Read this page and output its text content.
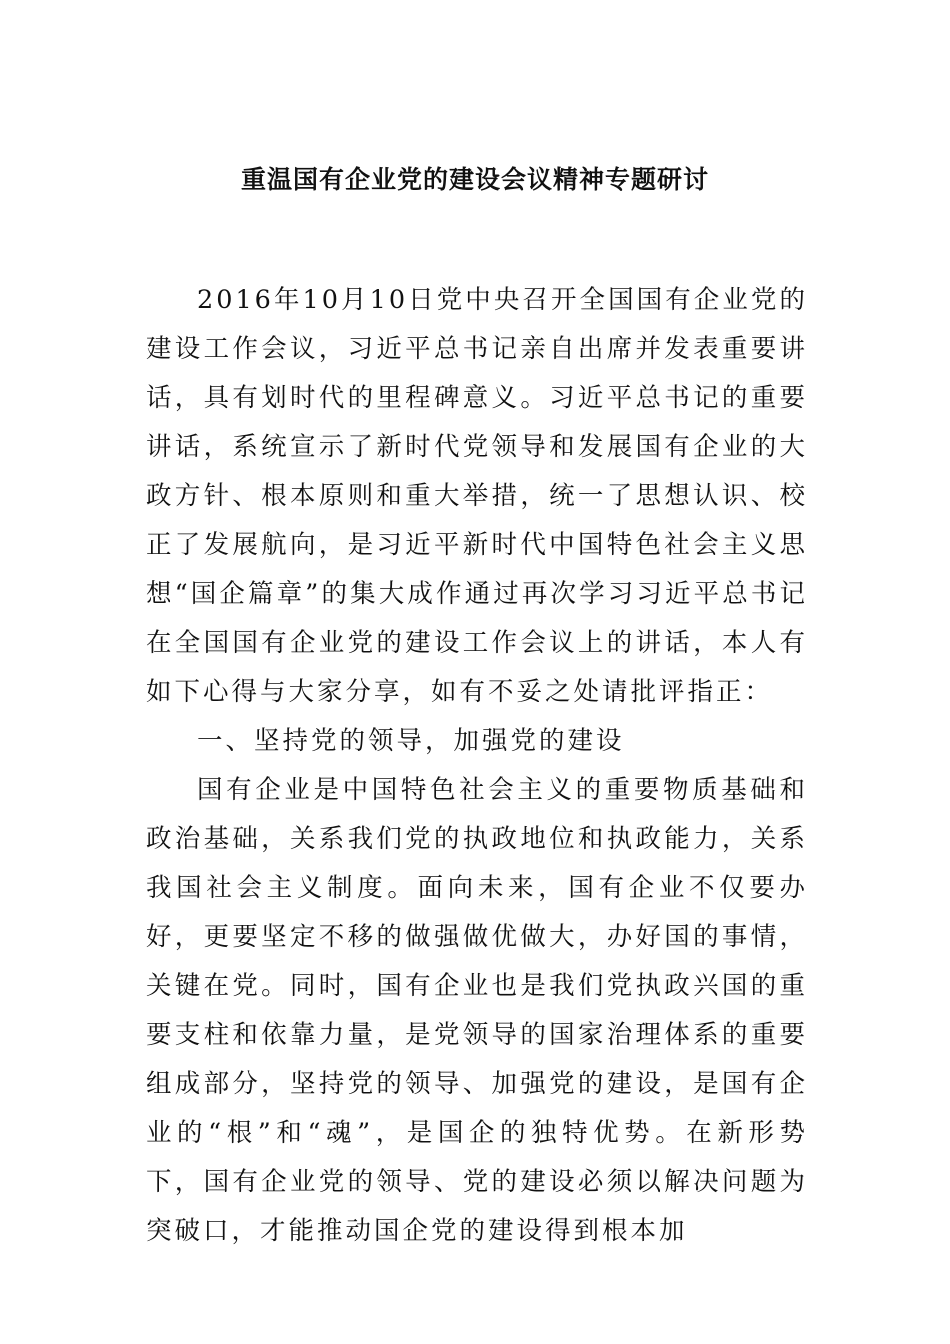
重温国有企业党的建设会议精神专题研讨

2016年10月10日党中央召开全国国有企业党的建设工作会议，习近平总书记亲自出席并发表重要讲话，具有划时代的里程碑意义。习近平总书记的重要讲话，系统宣示了新时代党领导和发展国有企业的大政方针、根本原则和重大举措，统一了思想认识、校正了发展航向，是习近平新时代中国特色社会主义思想“国企篇章”的集大成作通过再次学习习近平总书记在全国国有企业党的建设工作会议上的讲话，本人有如下心得与大家分享，如有不妥之处请批评指正：

一、坚持党的领导，加强党的建设

国有企业是中国特色社会主义的重要物质基础和政治基础，关系我们党的执政地位和执政能力，关系我国社会主义制度。面向未来，国有企业不仅要办好，更要坚定不移的做强做优做大，办好国的事情，关键在党。同时，国有企业也是我们党执政兴国的重要支柱和依靠力量，是党领导的国家治理体系的重要组成部分，坚持党的领导、加强党的建设，是国有企业的“根”和“魂”，是国企的独特优势。在新形势下，国有企业党的领导、党的建设必须以解决问题为突破口，才能推动国企党的建设得到根本加
